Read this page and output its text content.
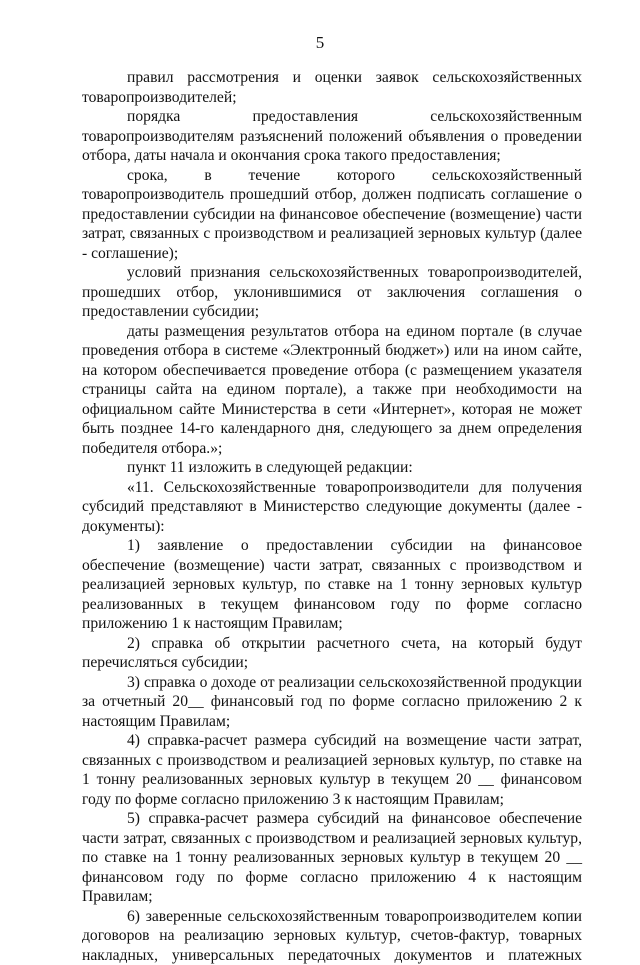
5

правил рассмотрения и оценки заявок сельскохозяйственных товаропроизводителей;

порядка предоставления сельскохозяйственным товаропроизводителям разъяснений положений объявления о проведении отбора, даты начала и окончания срока такого предоставления;

срока, в течение которого сельскохозяйственный товаропроизводитель прошедший отбор, должен подписать соглашение о предоставлении субсидии на финансовое обеспечение (возмещение) части затрат, связанных с производством и реализацией зерновых культур (далее - соглашение);

условий признания сельскохозяйственных товаропроизводителей, прошедших отбор, уклонившимися от заключения соглашения о предоставлении субсидии;

даты размещения результатов отбора на едином портале (в случае проведения отбора в системе «Электронный бюджет») или на ином сайте, на котором обеспечивается проведение отбора (с размещением указателя страницы сайта на едином портале), а также при необходимости на официальном сайте Министерства в сети «Интернет», которая не может быть позднее 14-го календарного дня, следующего за днем определения победителя отбора.»;

пункт 11 изложить в следующей редакции:

«11. Сельскохозяйственные товаропроизводители для получения субсидий представляют в Министерство следующие документы (далее - документы):

1) заявление о предоставлении субсидии на финансовое обеспечение (возмещение) части затрат, связанных с производством и реализацией зерновых культур, по ставке на 1 тонну зерновых культур реализованных в текущем финансовом году по форме согласно приложению 1 к настоящим Правилам;

2) справка об открытии расчетного счета, на который будут перечисляться субсидии;

3) справка о доходе от реализации сельскохозяйственной продукции за отчетный 20__ финансовый год по форме согласно приложению 2 к настоящим Правилам;

4) справка-расчет размера субсидий на возмещение части затрат, связанных с производством и реализацией зерновых культур, по ставке на 1 тонну реализованных зерновых культур в текущем 20 __ финансовом году по форме согласно приложению 3 к настоящим Правилам;

5) справка-расчет размера субсидий на финансовое обеспечение части затрат, связанных с производством и реализацией зерновых культур, по ставке на 1 тонну реализованных зерновых культур в текущем 20 __ финансовом году по форме согласно приложению 4 к настоящим Правилам;

6) заверенные сельскохозяйственным товаропроизводителем копии договоров на реализацию зерновых культур, счетов-фактур, товарных накладных, универсальных передаточных документов и платежных
